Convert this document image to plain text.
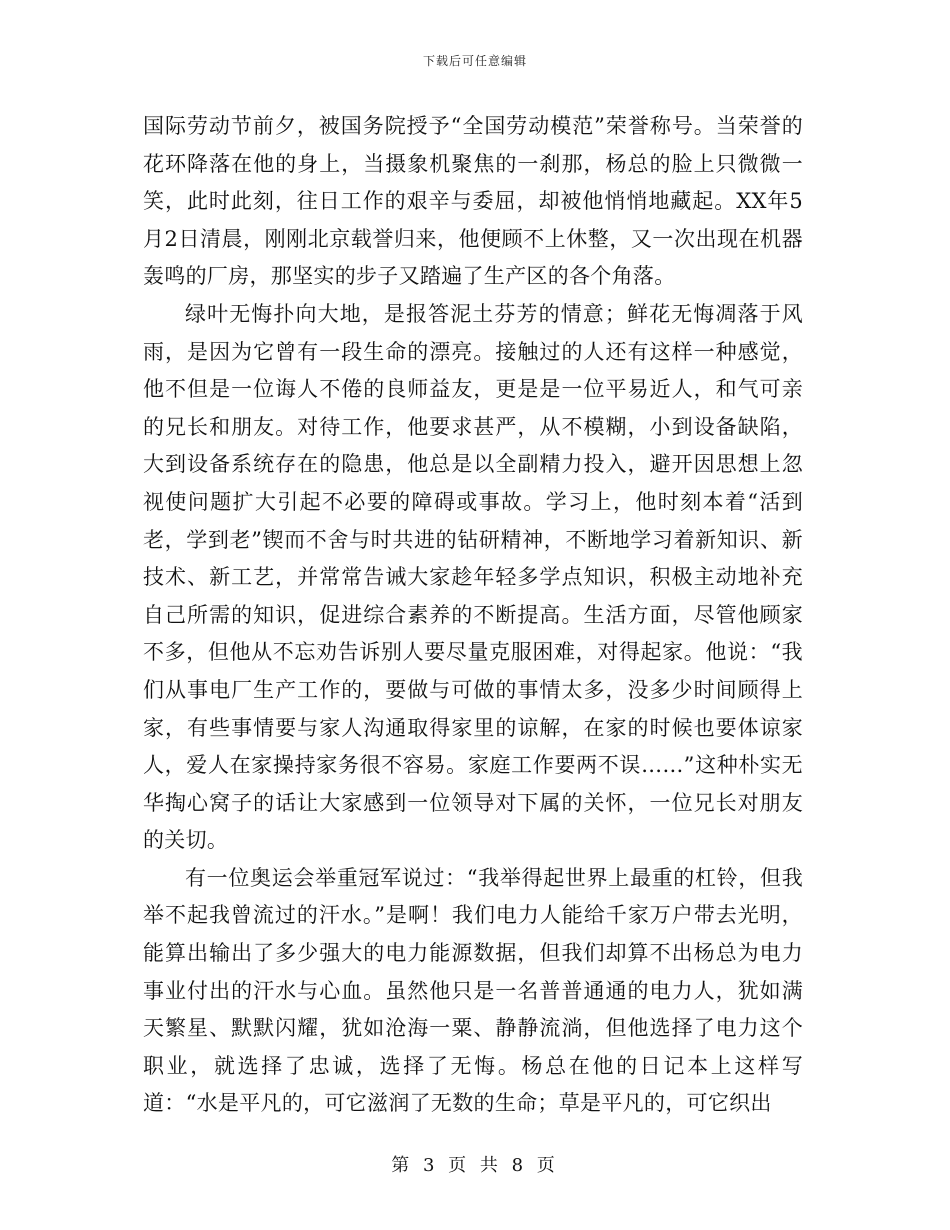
下载后可任意编辑

国际劳动节前夕，被国务院授予“全国劳动模范”荣誉称号。当荣誉的花环降落在他的身上，当摄象机聚焦的一刹那，杨总的脸上只微微一笑，此时此刻，往日工作的艰辛与委屈，却被他悄悄地藏起。XX年5月2日清晨，刚刚北京载誉归来，他便顾不上休整，又一次出现在机器轰鸣的厂房，那坚实的步子又踏遍了生产区的各个角落。

绿叶无悔扑向大地，是报答泥土芬芳的情意；鲜花无悔凋落于风雨，是因为它曾有一段生命的漂亮。接触过的人还有这样一种感觉，他不但是一位诲人不倦的良师益友，更是是一位平易近人，和气可亲的兄长和朋友。对待工作，他要求甚严，从不模糊，小到设备缺陷，大到设备系统存在的隐患，他总是以全副精力投入，避开因思想上忽视使问题扩大引起不必要的障碍或事故。学习上，他时刻本着“活到老，学到老”锲而不舍与时共进的钻研精神，不断地学习着新知识、新技术、新工艺，并常常告诫大家趁年轻多学点知识，积极主动地补充自己所需的知识，促进综合素养的不断提高。生活方面，尽管他顾家不多，但他从不忘劝告诉别人要尽量克服困难，对得起家。他说：“我们从事电厂生产工作的，要做与可做的事情太多，没多少时间顾得上家，有些事情要与家人沟通取得家里的谅解，在家的时候也要体谅家人，爱人在家操持家务很不容易。家庭工作要两不误……”这种朴实无华掏心窝子的话让大家感到一位领导对下属的关怀，一位兄长对朋友的关切。

有一位奥运会举重冠军说过：“我举得起世界上最重的杠铃，但我举不起我曾流过的汗水。”是啊！我们电力人能给千家万户带去光明，能算出输出了多少强大的电力能源数据，但我们却算不出杨总为电力事业付出的汗水与心血。虽然他只是一名普普通通的电力人，犹如满天繁星、默默闪耀，犹如沧海一粟、静静流淌，但他选择了电力这个职业，就选择了忠诚，选择了无悔。杨总在他的日记本上这样写道：“水是平凡的，可它滋润了无数的生命；草是平凡的，可它织出

第 3 页 共 8 页
